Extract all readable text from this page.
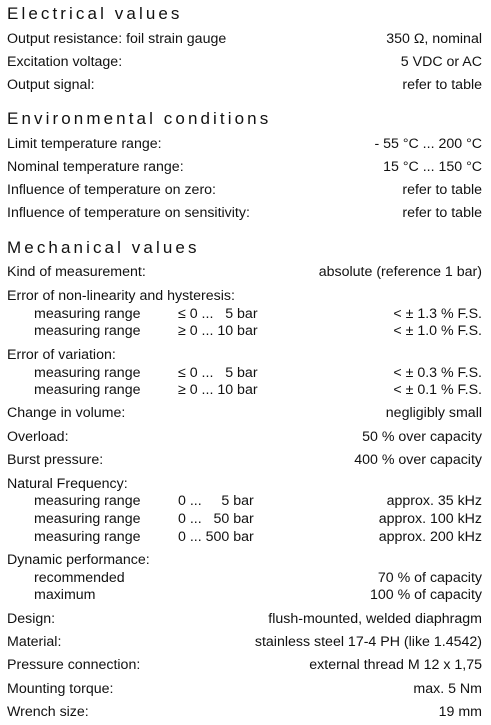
Electrical values
Output resistance: foil strain gauge	350 Ω, nominal
Excitation voltage:	5 VDC or AC
Output signal:	refer to table
Environmental conditions
Limit temperature range:	- 55 °C ... 200 °C
Nominal temperature range:	15 °C ... 150 °C
Influence of temperature on zero:	refer to table
Influence of temperature on sensitivity:	refer to table
Mechanical values
Kind of measurement:	absolute (reference 1 bar)
Error of non-linearity and hysteresis:
measuring range	≤ 0 ...   5 bar	< ± 1.3 % F.S.
measuring range	≥ 0 ... 10 bar	< ± 1.0 % F.S.
Error of variation:
measuring range	≤ 0 ...   5 bar	< ± 0.3 % F.S.
measuring range	≥ 0 ... 10 bar	< ± 0.1 % F.S.
Change in volume:	negligibly small
Overload:	50 % over capacity
Burst pressure:	400 % over capacity
Natural Frequency:
measuring range	0 ...     5 bar	approx. 35 kHz
measuring range	0 ...   50 bar	approx. 100 kHz
measuring range	0 ... 500 bar	approx. 200 kHz
Dynamic performance:
recommended	70 % of capacity
maximum	100 % of capacity
Design:	flush-mounted, welded diaphragm
Material:	stainless steel 17-4 PH (like 1.4542)
Pressure connection:	external thread M 12 x 1,75
Mounting torque:	max. 5 Nm
Wrench size:	19 mm
